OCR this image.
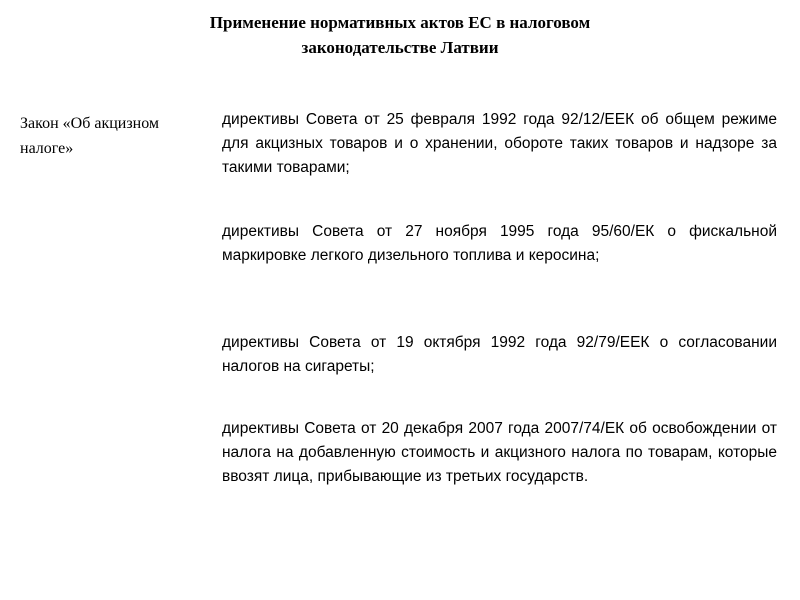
Применение нормативных актов ЕС в налоговом
законодательстве Латвии
Закон «Об акцизном
налоге»
директивы Совета от 25 февраля 1992 года 92/12/ЕЕК об общем режиме для акцизных товаров и о хранении, обороте таких товаров и надзоре за такими товарами;
директивы Совета от 27 ноября 1995 года 95/60/ЕК о фискальной маркировке легкого дизельного топлива и керосина;
директивы Совета от 19 октября 1992 года 92/79/ЕЕК о согласовании налогов на сигареты;
директивы Совета от 20 декабря 2007 года 2007/74/ЕК об освобождении от налога на добавленную стоимость и акцизного налога по товарам, которые ввозят лица, прибывающие из третьих государств.
